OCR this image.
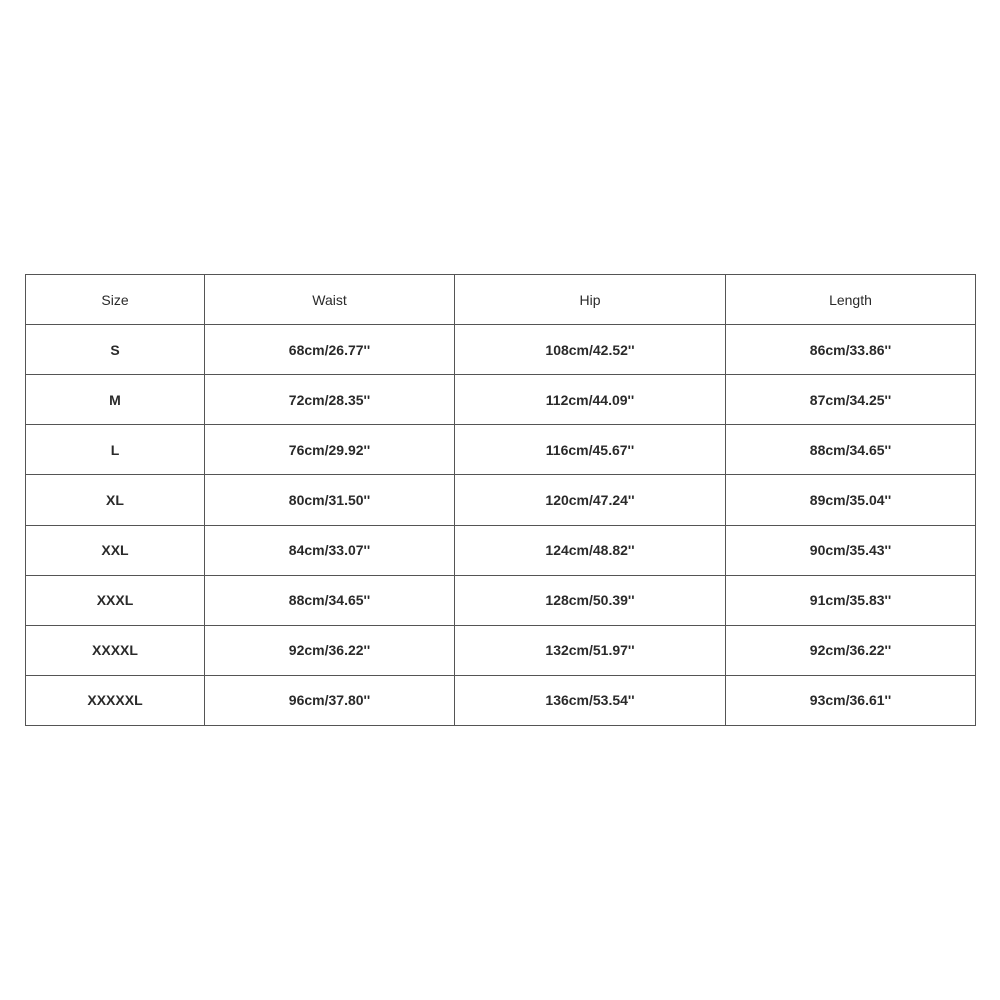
Size	Waist	Hip	Length
S	68cm/26.77''	108cm/42.52''	86cm/33.86''
M	72cm/28.35''	112cm/44.09''	87cm/34.25''
L	76cm/29.92''	116cm/45.67''	88cm/34.65''
XL	80cm/31.50''	120cm/47.24''	89cm/35.04''
XXL	84cm/33.07''	124cm/48.82''	90cm/35.43''
XXXL	88cm/34.65''	128cm/50.39''	91cm/35.83''
XXXXL	92cm/36.22''	132cm/51.97''	92cm/36.22''
XXXXXL	96cm/37.80''	136cm/53.54''	93cm/36.61''
